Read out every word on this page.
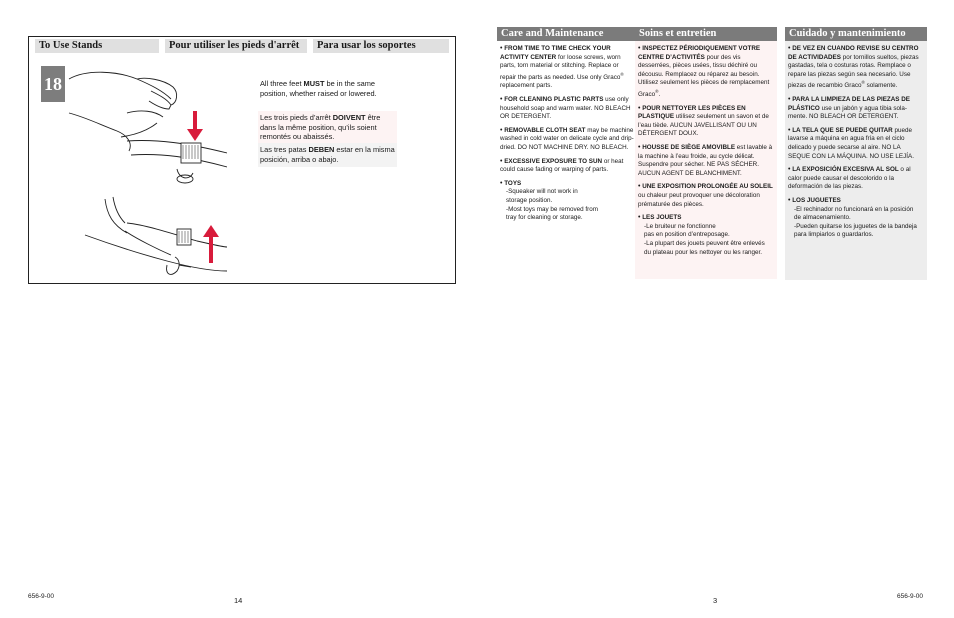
To Use Stands	Pour utiliser les pieds d'arrêt	Para usar los soportes
18	All three feet MUST be in the same position, whether raised or lowered.
Les trois pieds d’arrêt DOIVENT être dans la même position, qu’ils soient remontés ou abaissés.
Las tres patas DEBEN estar en la misma posición, arriba o abajo.
Care and Maintenance
• FROM TIME TO TIME CHECK YOUR ACTIVITY CENTER for loose screws, worn parts, torn material or stitching. Replace or repair the parts as needed. Use only Graco® replacement parts.
• FOR CLEANING PLASTIC PARTS use only household soap and warm water. NO BLEACH OR DETERGENT.
• REMOVABLE CLOTH SEAT may be machine washed in cold water on delicate cycle and drip-dried. DO NOT MACHINE DRY. NO BLEACH.
• EXCESSIVE EXPOSURE TO SUN or heat could cause fading or warping of parts.
• TOYS
-Squeaker will not work in
storage position.
-Most toys may be removed from
tray for cleaning or storage.
Soins et entretien
• INSPECTEZ PÉRIODIQUEMENT VOTRE CENTRE D’ACTIVITÉS pour des vis desserrées, pièces usées, tissu déchiré ou décousu. Remplacez ou réparez au besoin. Utilisez seulement les pièces de remplacement Graco®.
• POUR NETTOYER LES PIÈCES EN PLASTIQUE utilisez seulement un savon et de l’eau tiède. AUCUN JAVELLISANT OU UN DÉTERGENT DOUX.
• HOUSSE DE SIÈGE AMOVIBLE est lavable à la machine à l’eau froide, au cycle délicat. Suspendre pour sécher. NE PAS SÉCHER. AUCUN AGENT DE BLANCHIMENT.
• UNE EXPOSITION PROLONGÉE AU SOLEIL ou chaleur peut provoquer une décoloration prématurée des pièces.
• LES JOUETS
-Le bruiteur ne fonctionne
pas en position d’entreposage.
-La plupart des jouets peuvent être enlevés
du plateau pour les nettoyer ou les ranger.
Cuidado y mantenimiento
• DE VEZ EN CUANDO REVISE SU CENTRO DE ACTIVIDADES por tornillos sueltos, piezas gastadas, tela o costuras rotas. Remplace o repare las piezas según sea necesario. Use piezas de recambio Graco® solamente.
• PARA LA LIMPIEZA DE LAS PIEZAS DE PLÁSTICO use un jabón y agua tibia sola- mente. NO BLEACH OR DETERGENT.
• LA TELA QUE SE PUEDE QUITAR puede lavarse a máquina en agua fría en el ciclo delicado y puede secarse al aire. NO LA SEQUE CON LA MÁQUINA. NO USE LEJÍA.
• LA EXPOSICIÓN EXCESIVA AL SOL o al calor puede causar el descolorido o la deformación de las piezas.
• LOS JUGUETES
-El rechinador no funcionará en la posición
de almacenamiento.
-Pueden quitarse los juguetes de la bandeja
para limpiarlos o guardarlos.
656-9-00	14	3	656-9-00
